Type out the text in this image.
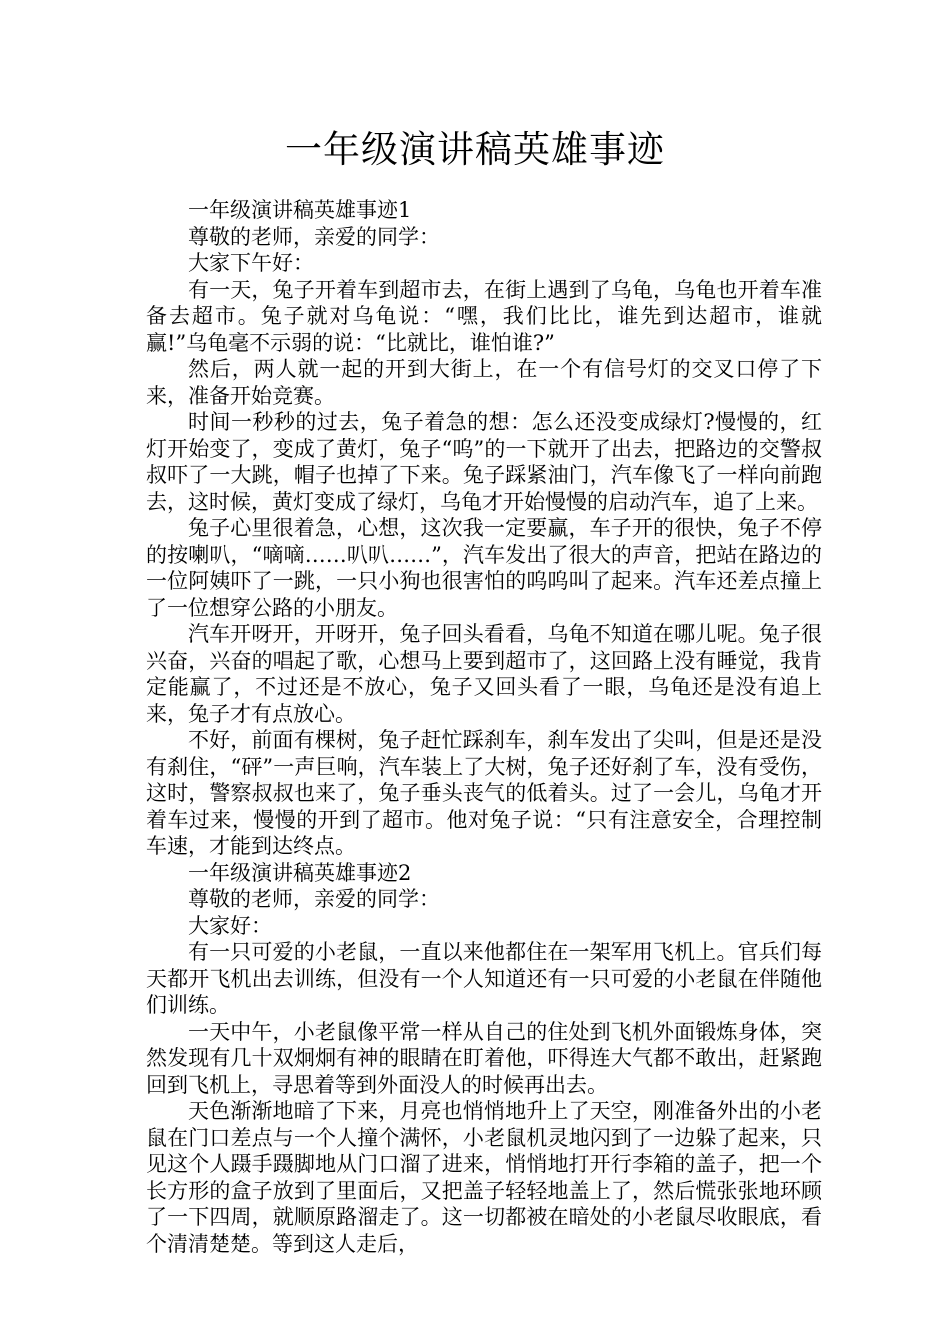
一年级演讲稿英雄事迹

一年级演讲稿英雄事迹1

尊敬的老师，亲爱的同学：

大家下午好：

有一天，兔子开着车到超市去，在街上遇到了乌龟，乌龟也开着车准备去超市。兔子就对乌龟说：“嘿，我们比比，谁先到达超市，谁就赢!”乌龟毫不示弱的说：“比就比，谁怕谁?”

然后，两人就一起的开到大街上，在一个有信号灯的交叉口停了下来，准备开始竞赛。

时间一秒秒的过去，兔子着急的想：怎么还没变成绿灯?慢慢的，红灯开始变了，变成了黄灯，兔子“呜”的一下就开了出去，把路边的交警叔叔吓了一大跳，帽子也掉了下来。兔子踩紧油门，汽车像飞了一样向前跑去，这时候，黄灯变成了绿灯，乌龟才开始慢慢的启动汽车，追了上来。

兔子心里很着急，心想，这次我一定要赢，车子开的很快，兔子不停的按喇叭，“嘀嘀……叭叭……”，汽车发出了很大的声音，把站在路边的一位阿姨吓了一跳，一只小狗也很害怕的呜呜叫了起来。汽车还差点撞上了一位想穿公路的小朋友。

汽车开呀开，开呀开，兔子回头看看，乌龟不知道在哪儿呢。兔子很兴奋，兴奋的唱起了歌，心想马上要到超市了，这回路上没有睡觉，我肯定能赢了，不过还是不放心，兔子又回头看了一眼，乌龟还是没有追上来，兔子才有点放心。

不好，前面有棵树，兔子赶忙踩刹车，刹车发出了尖叫，但是还是没有刹住，“砰”一声巨响，汽车装上了大树，兔子还好刹了车，没有受伤，这时，警察叔叔也来了，兔子垂头丧气的低着头。过了一会儿，乌龟才开着车过来，慢慢的开到了超市。他对兔子说：“只有注意安全，合理控制车速，才能到达终点。

一年级演讲稿英雄事迹2

尊敬的老师，亲爱的同学：

大家好：

有一只可爱的小老鼠，一直以来他都住在一架军用飞机上。官兵们每天都开飞机出去训练，但没有一个人知道还有一只可爱的小老鼠在伴随他们训练。

一天中午，小老鼠像平常一样从自己的住处到飞机外面锻炼身体，突然发现有几十双炯炯有神的眼睛在盯着他，吓得连大气都不敢出，赶紧跑回到飞机上，寻思着等到外面没人的时候再出去。

天色渐渐地暗了下来，月亮也悄悄地升上了天空，刚准备外出的小老鼠在门口差点与一个人撞个满怀，小老鼠机灵地闪到了一边躲了起来，只见这个人蹑手蹑脚地从门口溜了进来，悄悄地打开行李箱的盖子，把一个长方形的盒子放到了里面后，又把盖子轻轻地盖上了，然后慌张张地环顾了一下四周，就顺原路溜走了。这一切都被在暗处的小老鼠尽收眼底，看个清清楚楚。等到这人走后，
